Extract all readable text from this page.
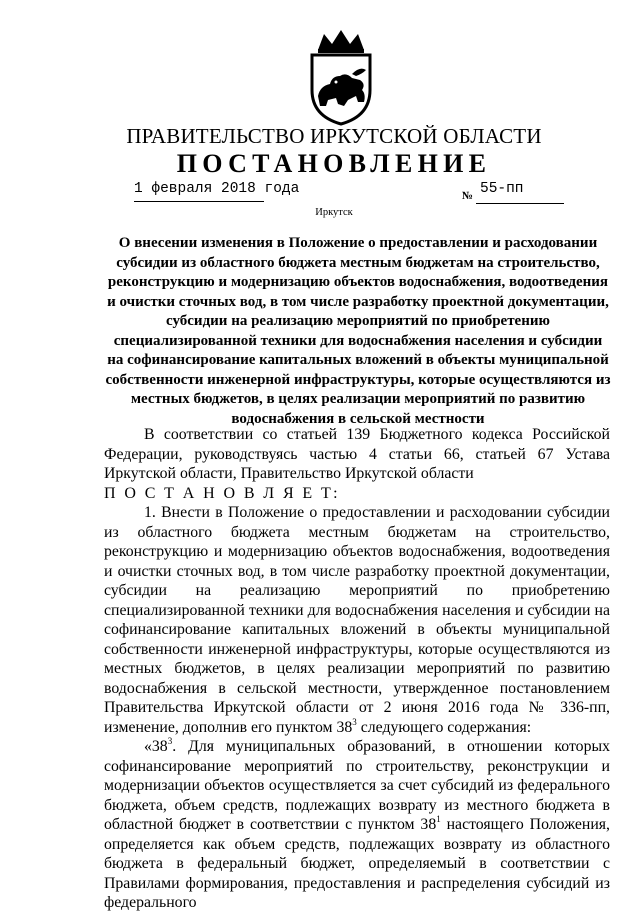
ПРАВИТЕЛЬСТВО ИРКУТСКОЙ ОБЛАСТИ
ПОСТАНОВЛЕНИЕ
1 февраля 2018 года	№ 55-пп
Иркутск

О внесении изменения в Положение о предоставлении и расходовании субсидии из областного бюджета местным бюджетам на строительство, реконструкцию и модернизацию объектов водоснабжения, водоотведения и очистки сточных вод, в том числе разработку проектной документации, субсидии на реализацию мероприятий по приобретению специализированной техники для водоснабжения населения и субсидии на софинансирование капитальных вложений в объекты муниципальной собственности инженерной инфраструктуры, которые осуществляются из местных бюджетов, в целях реализации мероприятий по развитию водоснабжения в сельской местности

В соответствии со статьей 139 Бюджетного кодекса Российской Федерации, руководствуясь частью 4 статьи 66, статьей 67 Устава Иркутской области, Правительство Иркутской области

П О С Т А Н О В Л Я Е Т:

1. Внести в Положение о предоставлении и расходовании субсидии из областного бюджета местным бюджетам на строительство, реконструкцию и модернизацию объектов водоснабжения, водоотведения и очистки сточных вод, в том числе разработку проектной документации, субсидии на реализацию мероприятий по приобретению специализированной техники для водоснабжения населения и субсидии на софинансирование капитальных вложений в объекты муниципальной собственности инженерной инфраструктуры, которые осуществляются из местных бюджетов, в целях реализации мероприятий по развитию водоснабжения в сельской местности, утвержденное постановлением Правительства Иркутской области от 2 июня 2016 года № 336-пп, изменение, дополнив его пунктом $38^3$ следующего содержания:

«$38^3$. Для муниципальных образований, в отношении которых софинансирование мероприятий по строительству, реконструкции и модернизации объектов осуществляется за счет субсидий из федерального бюджета, объем средств, подлежащих возврату из местного бюджета в областной бюджет в соответствии с пунктом $38^1$ настоящего Положения, определяется как объем средств, подлежащих возврату из областного бюджета в федеральный бюджет, определяемый в соответствии с Правилами формирования, предоставления и распределения субсидий из федерального
